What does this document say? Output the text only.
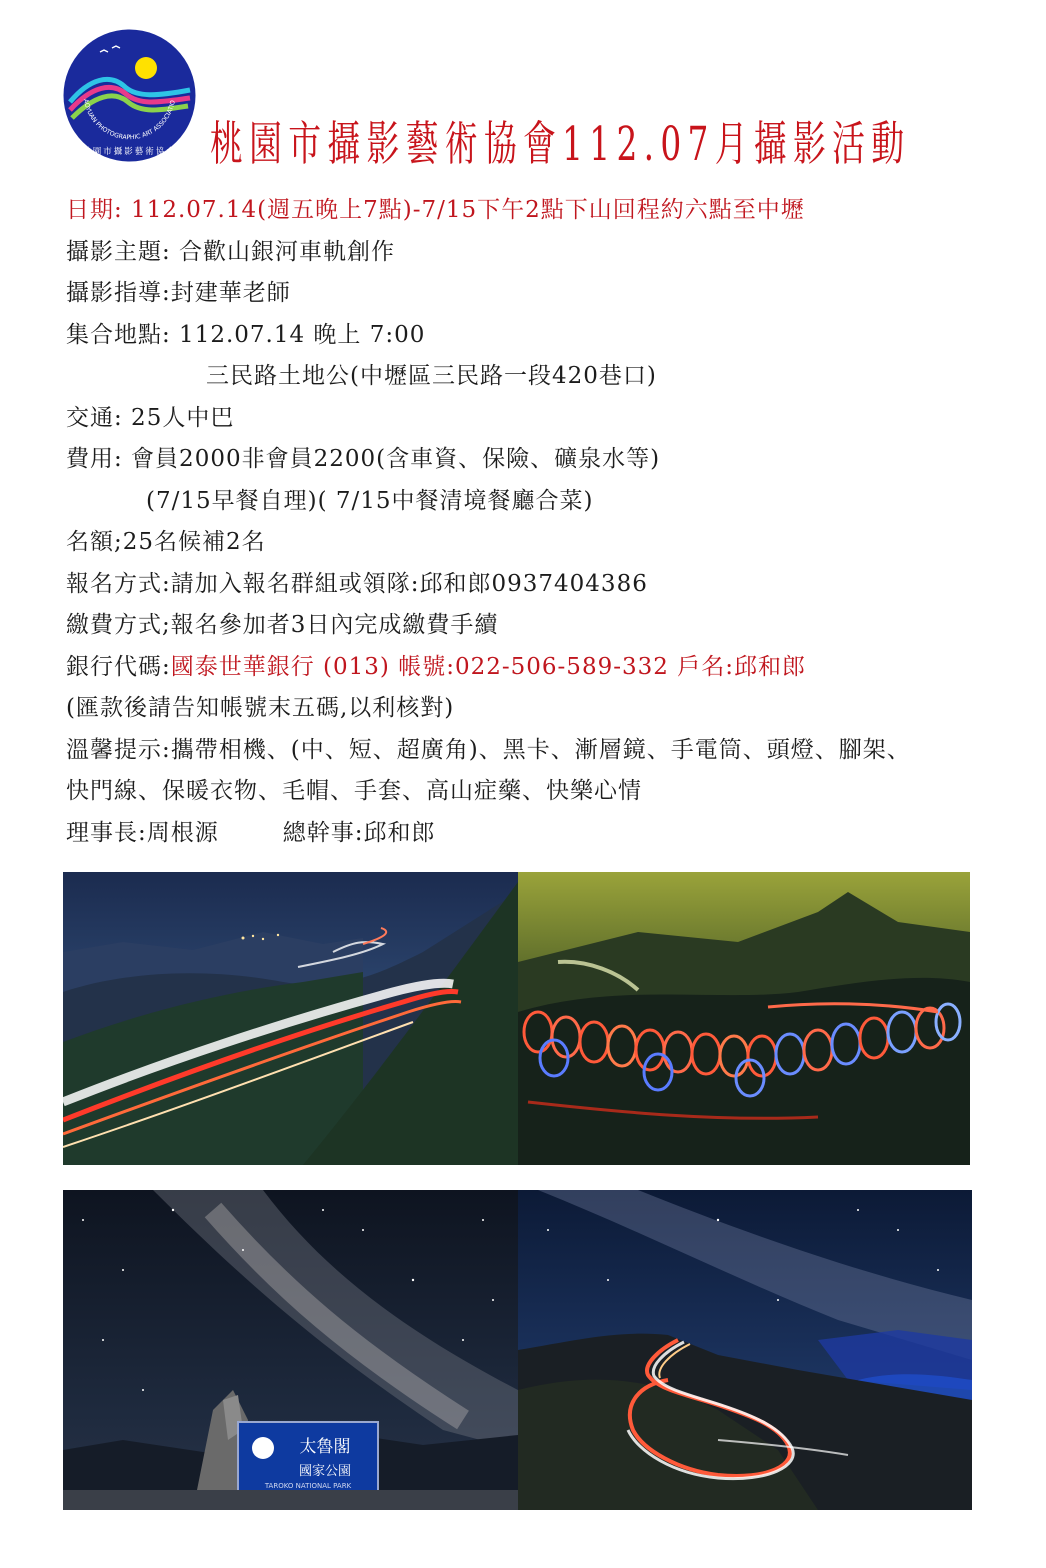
AOYUAN PHOTOGRAPHIC ART ASSOCIATIO
桃園市攝影藝術協會 桃園市攝影藝術協會112.07月攝影活動
日期: 112.07.14(週五晚上7點)-7/15下午2點下山回程約六點至中壢
攝影主題: 合歡山銀河車軌創作
攝影指導:封建華老師
集合地點: 112.07.14 晚上 7:00
三民路土地公(中壢區三民路一段420巷口)
交通: 25人中巴
費用: 會員2000非會員2200(含車資、保險、礦泉水等)
(7/15早餐自理)( 7/15中餐清境餐廳合菜)
名額;25名候補2名
報名方式:請加入報名群組或領隊:邱和郎0937404386
繳費方式;報名參加者3日內完成繳費手續
銀行代碼:國泰世華銀行 (013) 帳號:022-506-589-332 戶名:邱和郎
(匯款後請告知帳號末五碼,以利核對)
溫馨提示:攜帶相機、(中、短、超廣角)、黑卡、漸層鏡、手電筒、頭燈、腳架、
快門線、保暖衣物、毛帽、手套、高山症藥、快樂心情
理事長:周根源	總幹事:邱和郎
太魯閣
國家公園
TAROKO NATIONAL PARK
